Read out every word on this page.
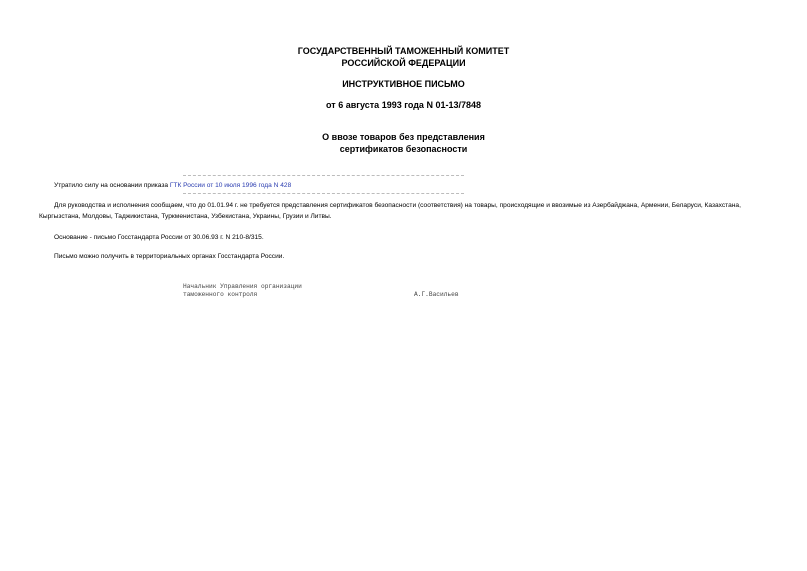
ГОСУДАРСТВЕННЫЙ ТАМОЖЕННЫЙ КОМИТЕТ
РОССИЙСКОЙ ФЕДЕРАЦИИ
ИНСТРУКТИВНОЕ ПИСЬМО
от 6 августа 1993 года N 01-13/7848
О ввозе товаров без представления
сертификатов безопасности
Утратило силу на основании приказа ГТК России от 10 июля 1996 года N 428
Для руководства и исполнения сообщаем, что до 01.01.94 г. не требуется представления сертификатов безопасности (соответствия) на товары, происходящие и ввозимые из Азербайджана, Армении, Беларуси, Казахстана, Кыргызстана, Молдовы, Таджикистана, Туркменистана, Узбекистана, Украины, Грузии и Литвы.
Основание - письмо Госстандарта России от 30.06.93 г. N 210-8/315.
Письмо можно получить в территориальных органах Госстандарта России.
Начальник Управления организации
таможенного контроля	А.Г.Васильев
